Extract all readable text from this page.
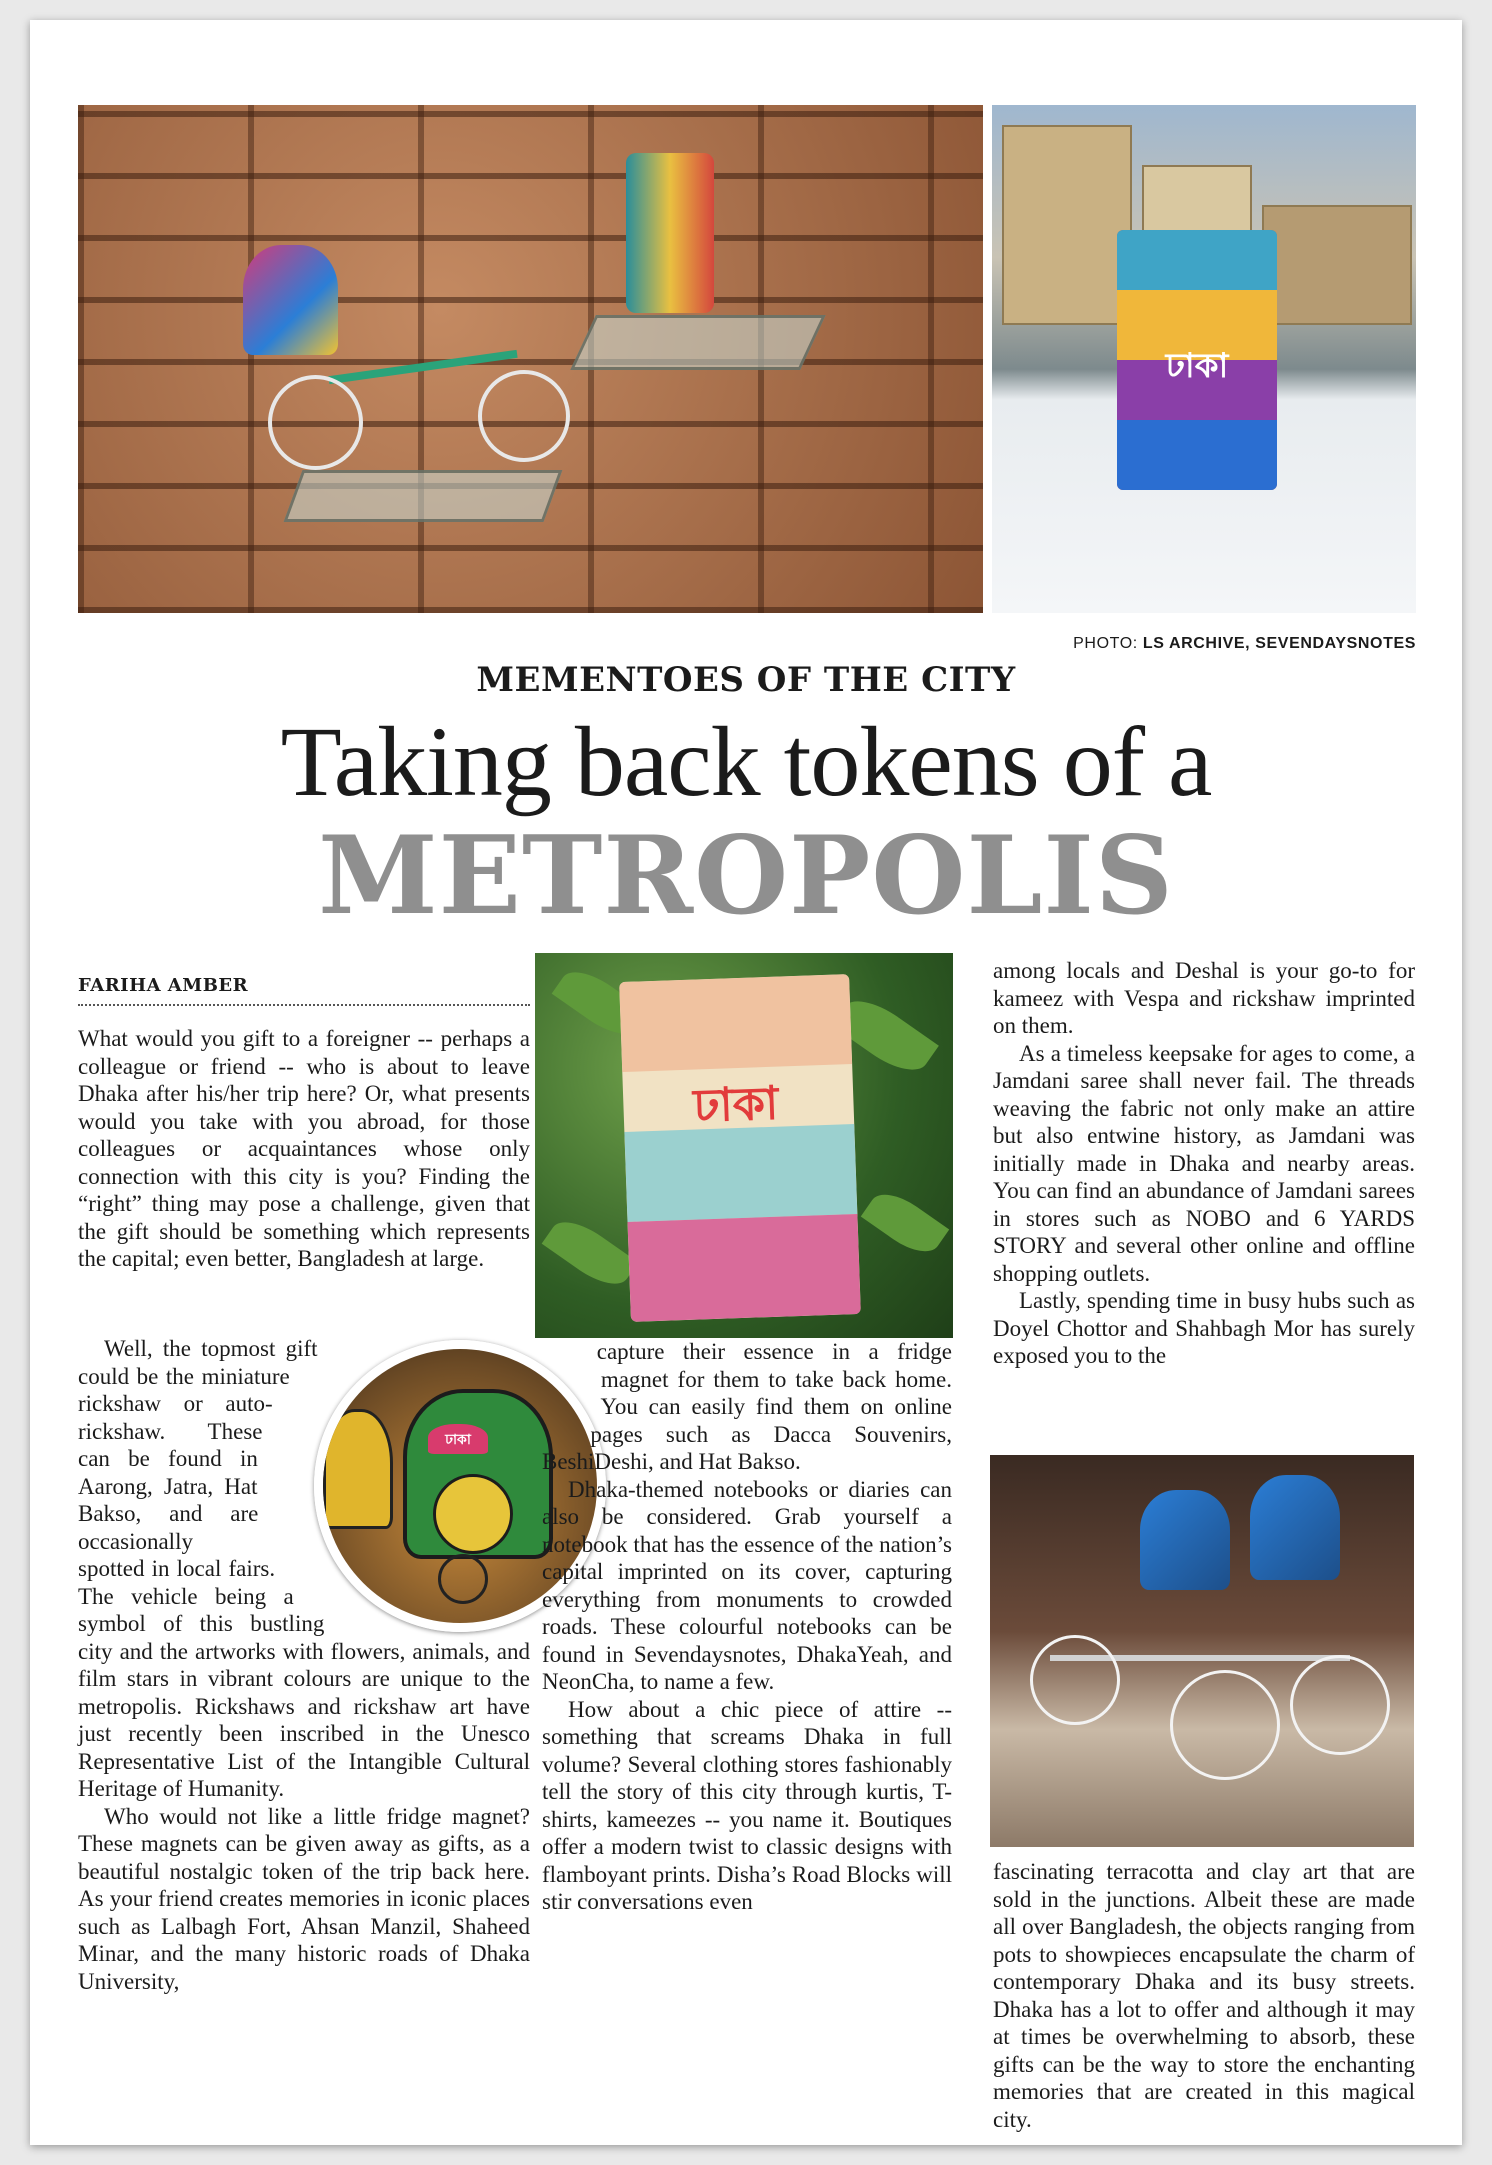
ঢাকা
PHOTO: LS ARCHIVE, SEVENDAYSNOTES
MEMENTOES OF THE CITY
Taking back tokens of a
METROPOLIS
FARIHA AMBER
ঢাকা
ঢাকা

What would you gift to a foreigner -- perhaps a colleague or friend -- who is about to leave Dhaka after his/her trip here? Or, what presents would you take with you abroad, for those colleagues or acquaintances whose only connection with this city is you? Finding the “right” thing may pose a challenge, given that the gift should be something which represents the capital; even better, Bangladesh at large.

Well, the topmost gift could be the miniature rickshaw or auto-rickshaw. These can be found in Aarong, Jatra, Hat Bakso, and are occasionally spotted in local fairs. The vehicle being a symbol of this bustling city and the artworks with flowers, animals, and film stars in vibrant colours are unique to the metropolis. Rickshaws and rickshaw art have just recently been inscribed in the Unesco Representative List of the Intangible Cultural Heritage of Humanity.

Who would not like a little fridge magnet? These magnets can be given away as gifts, as a beautiful nostalgic token of the trip back here. As your friend creates memories in iconic places such as Lalbagh Fort, Ahsan Manzil, Shaheed Minar, and the many historic roads of Dhaka University,

capture their essence in a fridge magnet for them to take back home. You can easily find them on online pages such as Dacca Souvenirs, BeshiDeshi, and Hat Bakso.

Dhaka-themed notebooks or diaries can also be considered. Grab yourself a notebook that has the essence of the nation’s capital imprinted on its cover, capturing everything from monuments to crowded roads. These colourful notebooks can be found in Sevendaysnotes, DhakaYeah, and NeonCha, to name a few.

How about a chic piece of attire -- something that screams Dhaka in full volume? Several clothing stores fashionably tell the story of this city through kurtis, T-shirts, kameezes -- you name it. Boutiques offer a modern twist to classic designs with flamboyant prints. Disha’s Road Blocks will stir conversations even

among locals and Deshal is your go-to for kameez with Vespa and rickshaw imprinted on them.

As a timeless keepsake for ages to come, a Jamdani saree shall never fail. The threads weaving the fabric not only make an attire but also entwine history, as Jamdani was initially made in Dhaka and nearby areas. You can find an abundance of Jamdani sarees in stores such as NOBO and 6 YARDS STORY and several other online and offline shopping outlets.

Lastly, spending time in busy hubs such as Doyel Chottor and Shahbagh Mor has surely exposed you to the

fascinating terracotta and clay art that are sold in the junctions. Albeit these are made all over Bangladesh, the objects ranging from pots to showpieces encapsulate the charm of contemporary Dhaka and its busy streets. Dhaka has a lot to offer and although it may at times be overwhelming to absorb, these gifts can be the way to store the enchanting memories that are created in this magical city.
